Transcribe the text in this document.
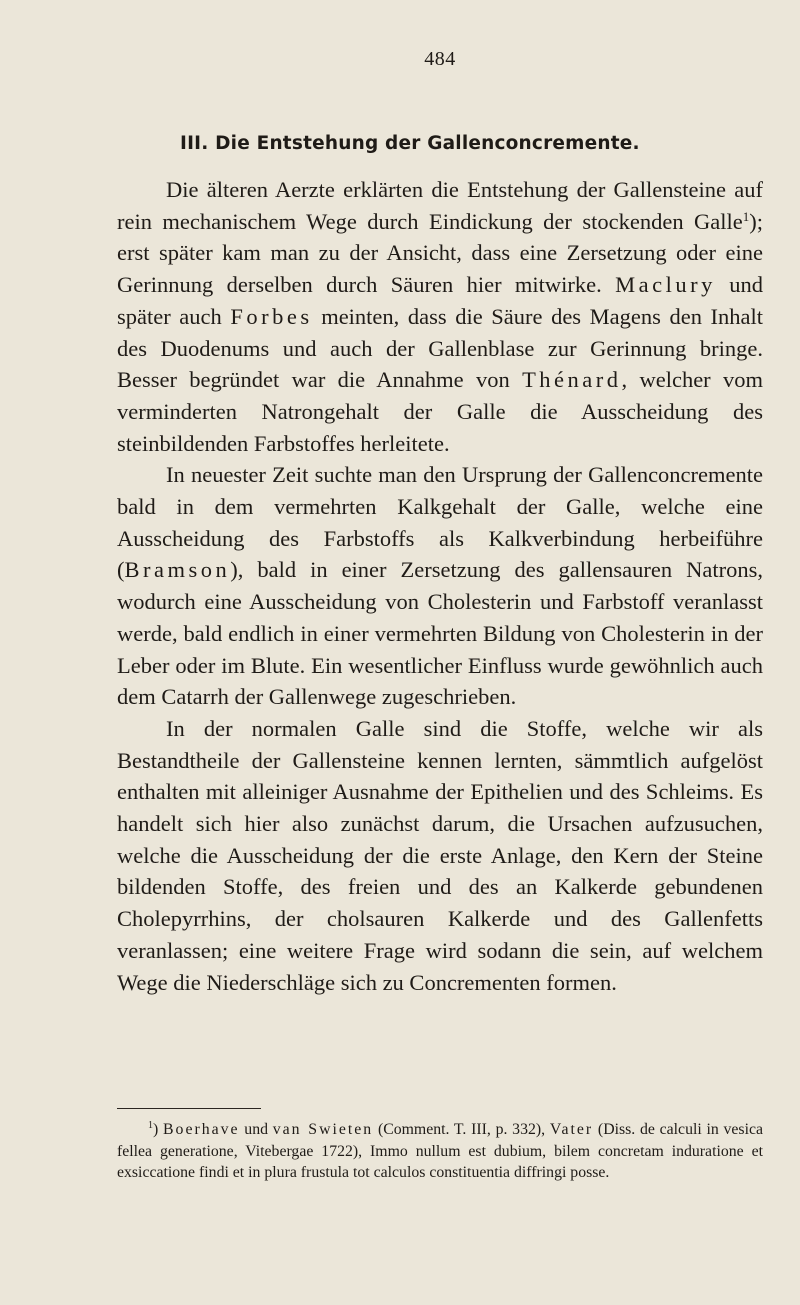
484
III. Die Entstehung der Gallenconcremente.

Die älteren Aerzte erklärten die Entstehung der Gallensteine auf rein mechanischem Wege durch Eindickung der stockenden Galle$^1$); erst später kam man zu der Ansicht, dass eine Zersetzung oder eine Gerinnung derselben durch Säuren hier mitwirke. Maclury und später auch Forbes meinten, dass die Säure des Magens den Inhalt des Duodenums und auch der Gallenblase zur Gerinnung bringe. Besser begründet war die Annahme von Thénard, welcher vom verminderten Natrongehalt der Galle die Ausscheidung des steinbildenden Farbstoffes herleitete.

In neuester Zeit suchte man den Ursprung der Gallenconcremente bald in dem vermehrten Kalkgehalt der Galle, welche eine Ausscheidung des Farbstoffs als Kalkverbindung herbeiführe (Bramson), bald in einer Zersetzung des gallensauren Natrons, wodurch eine Ausscheidung von Cholesterin und Farbstoff veranlasst werde, bald endlich in einer vermehrten Bildung von Cholesterin in der Leber oder im Blute. Ein wesentlicher Einfluss wurde gewöhnlich auch dem Catarrh der Gallenwege zugeschrieben.

In der normalen Galle sind die Stoffe, welche wir als Bestandtheile der Gallensteine kennen lernten, sämmtlich aufgelöst enthalten mit alleiniger Ausnahme der Epithelien und des Schleims. Es handelt sich hier also zunächst darum, die Ursachen aufzusuchen, welche die Ausscheidung der die erste Anlage, den Kern der Steine bildenden Stoffe, des freien und des an Kalkerde gebundenen Cholepyrrhins, der cholsauren Kalkerde und des Gallenfetts veranlassen; eine weitere Frage wird sodann die sein, auf welchem Wege die Niederschläge sich zu Concrementen formen.

$^1$) Boerhave und van Swieten (Comment. T. III, p. 332), Vater (Diss. de calculi in vesica fellea generatione, Vitebergae 1722), Immo nullum est dubium, bilem concretam induratione et exsiccatione findi et in plura frustula tot calculos constituentia diffringi posse.
